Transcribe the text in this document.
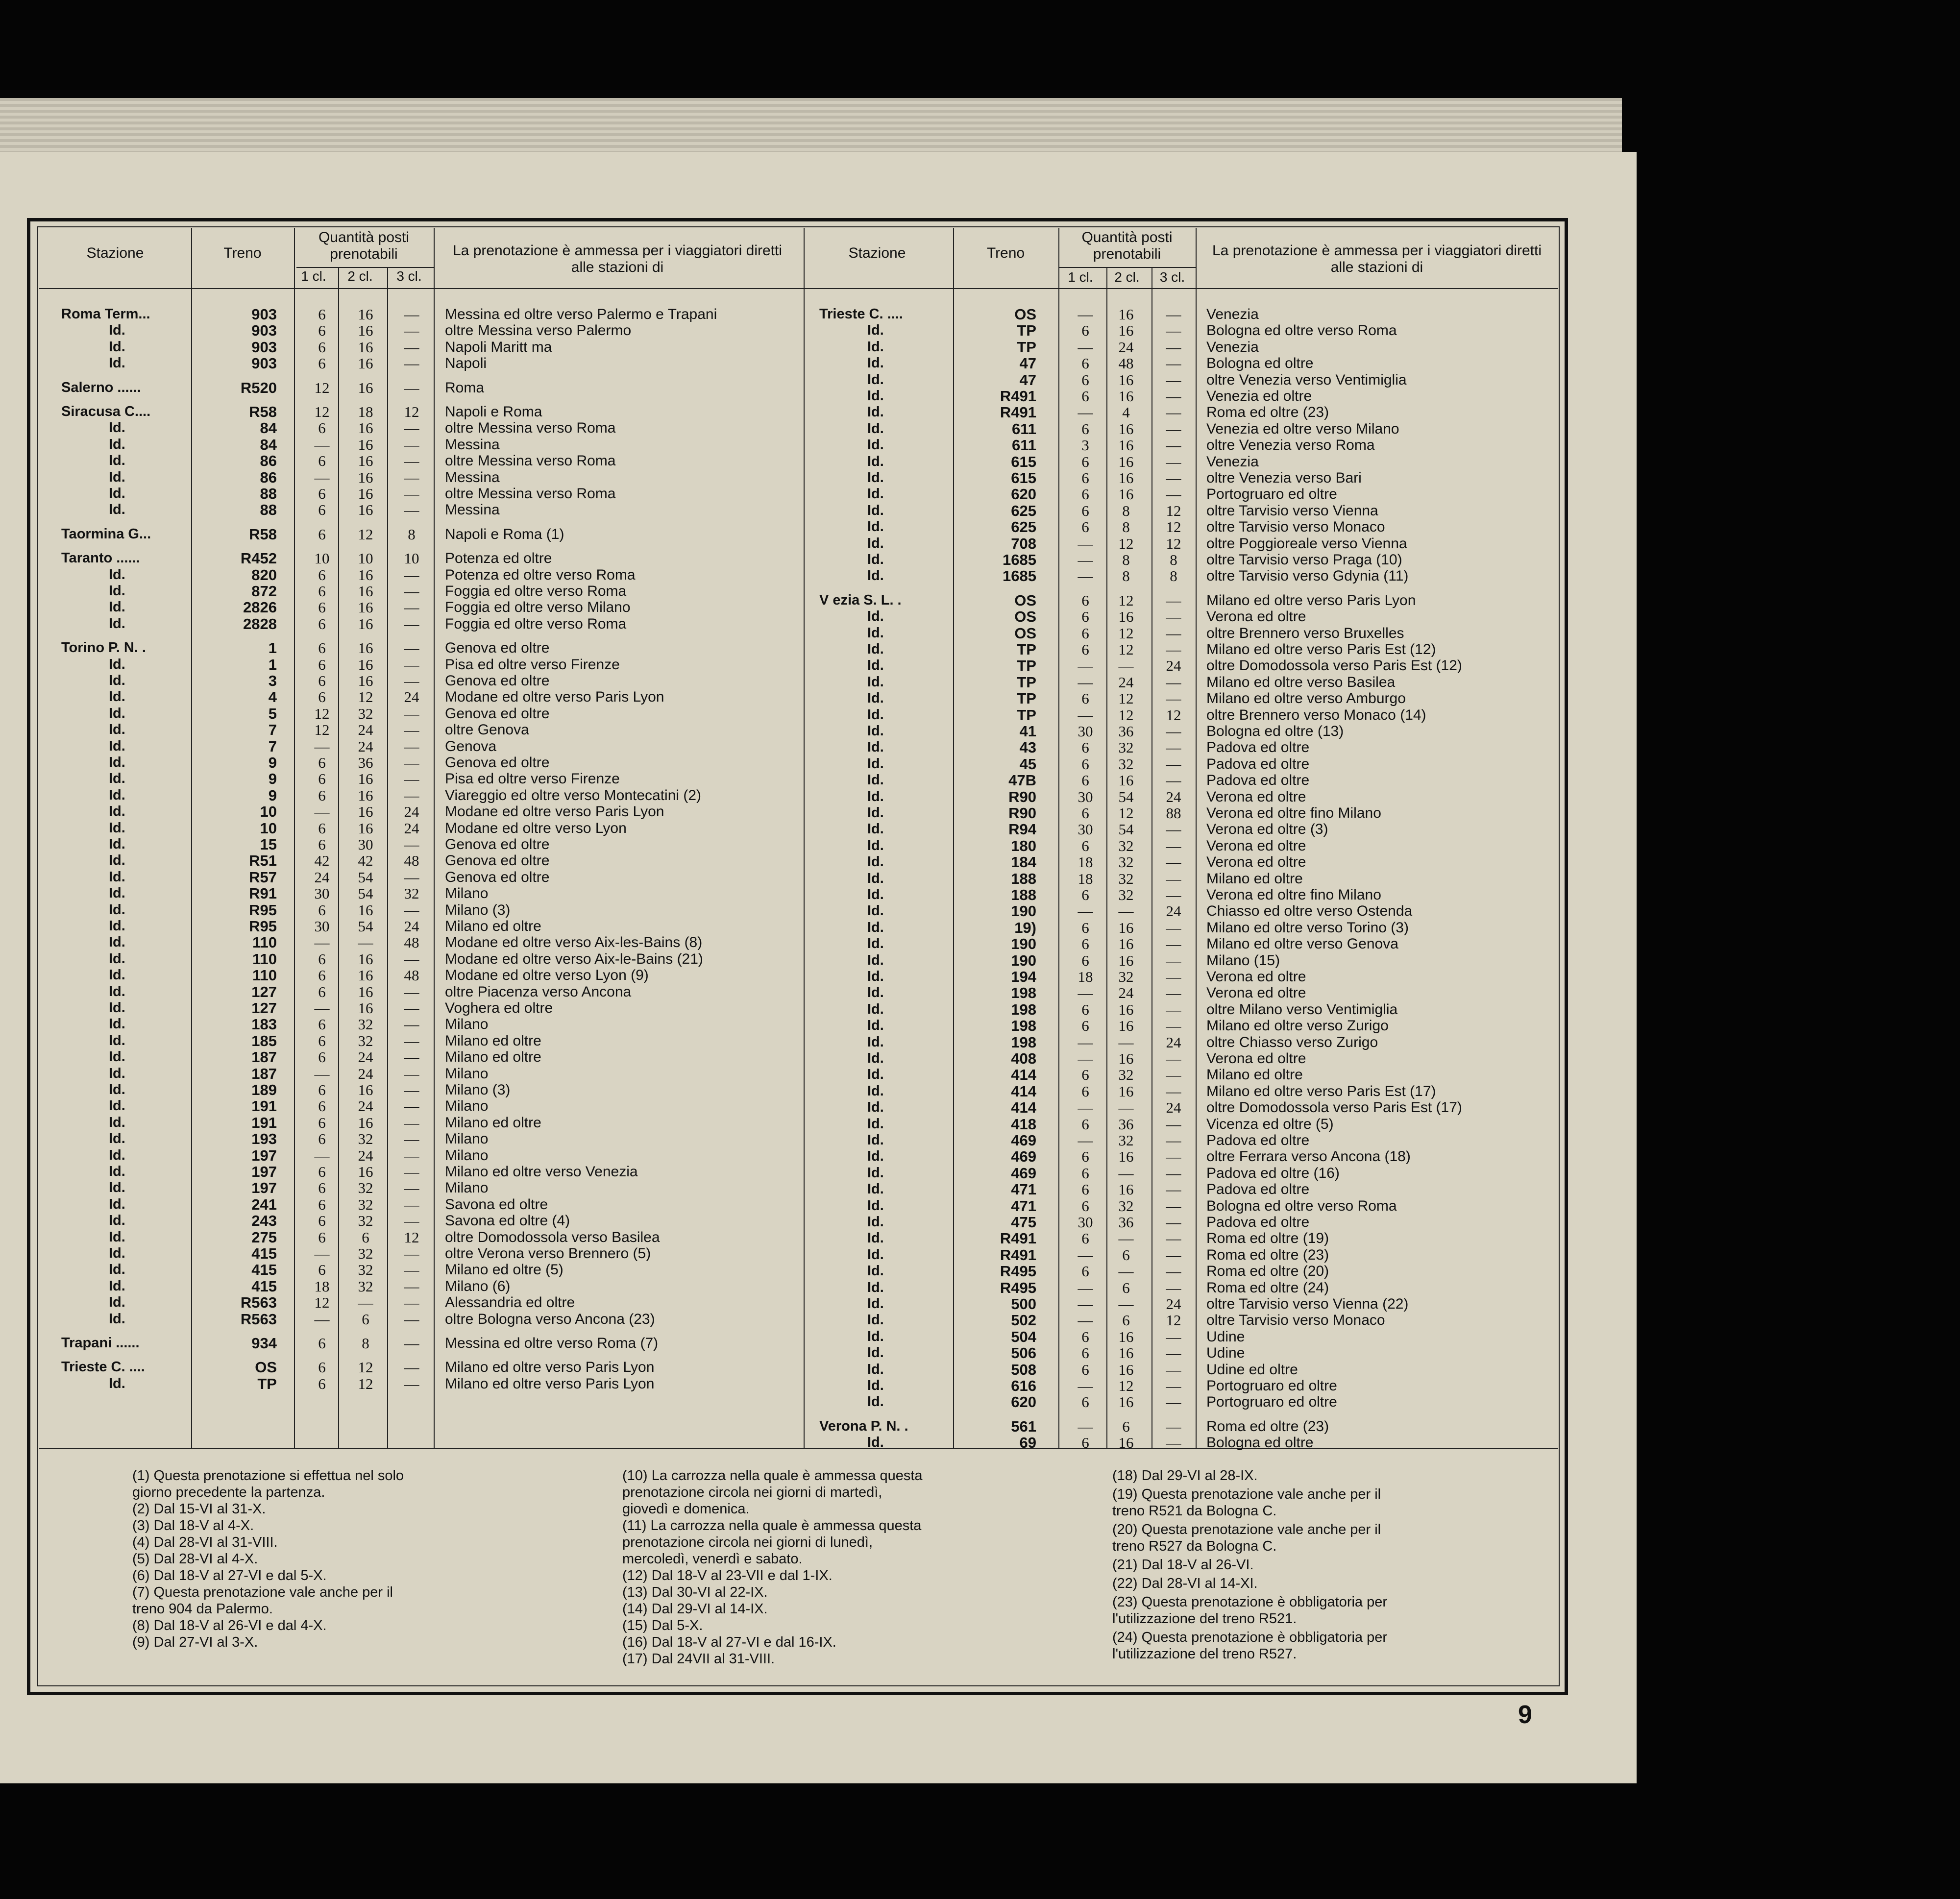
Stazione	Treno
Quantità posti prenotabili
1 cl.	2 cl.	3 cl.
La prenotazione è ammessa per i viaggiatori diretti alle stazioni di
Stazione	Treno
Quantità posti prenotabili
1 cl.	2 cl.	3 cl.
La prenotazione è ammessa per i viaggiatori diretti alle stazioni di
Roma Term...	903	6	16	—	Messina ed oltre verso Palermo e Trapani
Id.	903	6	16	—	oltre Messina verso Palermo
Id.	903	6	16	—	Napoli Maritt ma
Id.	903	6	16	—	Napoli
Salerno ......	R520	12	16	—	Roma
Siracusa C....	R58	12	18	12	Napoli e Roma
Id.	84	6	16	—	oltre Messina verso Roma
Id.	84	—	16	—	Messina
Id.	86	6	16	—	oltre Messina verso Roma
Id.	86	—	16	—	Messina
Id.	88	6	16	—	oltre Messina verso Roma
Id.	88	6	16	—	Messina
Taormina G...	R58	6	12	8	Napoli e Roma (1)
Taranto ......	R452	10	10	10	Potenza ed oltre
Id.	820	6	16	—	Potenza ed oltre verso Roma
Id.	872	6	16	—	Foggia ed oltre verso Roma
Id.	2826	6	16	—	Foggia ed oltre verso Milano
Id.	2828	6	16	—	Foggia ed oltre verso Roma
Torino P. N. .	1	6	16	—	Genova ed oltre
Id.	1	6	16	—	Pisa ed oltre verso Firenze
Id.	3	6	16	—	Genova ed oltre
Id.	4	6	12	24	Modane ed oltre verso Paris Lyon
Id.	5	12	32	—	Genova ed oltre
Id.	7	12	24	—	oltre Genova
Id.	7	—	24	—	Genova
Id.	9	6	36	—	Genova ed oltre
Id.	9	6	16	—	Pisa ed oltre verso Firenze
Id.	9	6	16	—	Viareggio ed oltre verso Montecatini (2)
Id.	10	—	16	24	Modane ed oltre verso Paris Lyon
Id.	10	6	16	24	Modane ed oltre verso Lyon
Id.	15	6	30	—	Genova ed oltre
Id.	R51	42	42	48	Genova ed oltre
Id.	R57	24	54	—	Genova ed oltre
Id.	R91	30	54	32	Milano
Id.	R95	6	16	—	Milano (3)
Id.	R95	30	54	24	Milano ed oltre
Id.	110	—	—	48	Modane ed oltre verso Aix-les-Bains (8)
Id.	110	6	16	—	Modane ed oltre verso Aix-le-Bains (21)
Id.	110	6	16	48	Modane ed oltre verso Lyon (9)
Id.	127	6	16	—	oltre Piacenza verso Ancona
Id.	127	—	16	—	Voghera ed oltre
Id.	183	6	32	—	Milano
Id.	185	6	32	—	Milano ed oltre
Id.	187	6	24	—	Milano ed oltre
Id.	187	—	24	—	Milano
Id.	189	6	16	—	Milano (3)
Id.	191	6	24	—	Milano
Id.	191	6	16	—	Milano ed oltre
Id.	193	6	32	—	Milano
Id.	197	—	24	—	Milano
Id.	197	6	16	—	Milano ed oltre verso Venezia
Id.	197	6	32	—	Milano
Id.	241	6	32	—	Savona ed oltre
Id.	243	6	32	—	Savona ed oltre (4)
Id.	275	6	6	12	oltre Domodossola verso Basilea
Id.	415	—	32	—	oltre Verona verso Brennero (5)
Id.	415	6	32	—	Milano ed oltre (5)
Id.	415	18	32	—	Milano (6)
Id.	R563	12	—	—	Alessandria ed oltre
Id.	R563	—	6	—	oltre Bologna verso Ancona (23)
Trapani ......	934	6	8	—	Messina ed oltre verso Roma (7)
Trieste C. ....	OS	6	12	—	Milano ed oltre verso Paris Lyon
Id.	TP	6	12	—	Milano ed oltre verso Paris Lyon
Trieste C. ....	OS	—	16	—	Venezia
Id.	TP	6	16	—	Bologna ed oltre verso Roma
Id.	TP	—	24	—	Venezia
Id.	47	6	48	—	Bologna ed oltre
Id.	47	6	16	—	oltre Venezia verso Ventimiglia
Id.	R491	6	16	—	Venezia ed oltre
Id.	R491	—	4	—	Roma ed oltre (23)
Id.	611	6	16	—	Venezia ed oltre verso Milano
Id.	611	3	16	—	oltre Venezia verso Roma
Id.	615	6	16	—	Venezia
Id.	615	6	16	—	oltre Venezia verso Bari
Id.	620	6	16	—	Portogruaro ed oltre
Id.	625	6	8	12	oltre Tarvisio verso Vienna
Id.	625	6	8	12	oltre Tarvisio verso Monaco
Id.	708	—	12	12	oltre Poggioreale verso Vienna
Id.	1685	—	8	8	oltre Tarvisio verso Praga (10)
Id.	1685	—	8	8	oltre Tarvisio verso Gdynia (11)
V ezia S. L. .	OS	6	12	—	Milano ed oltre verso Paris Lyon
Id.	OS	6	16	—	Verona ed oltre
Id.	OS	6	12	—	oltre Brennero verso Bruxelles
Id.	TP	6	12	—	Milano ed oltre verso Paris Est (12)
Id.	TP	—	—	24	oltre Domodossola verso Paris Est (12)
Id.	TP	—	24	—	Milano ed oltre verso Basilea
Id.	TP	6	12	—	Milano ed oltre verso Amburgo
Id.	TP	—	12	12	oltre Brennero verso Monaco (14)
Id.	41	30	36	—	Bologna ed oltre (13)
Id.	43	6	32	—	Padova ed oltre
Id.	45	6	32	—	Padova ed oltre
Id.	47B	6	16	—	Padova ed oltre
Id.	R90	30	54	24	Verona ed oltre
Id.	R90	6	12	88	Verona ed oltre fino Milano
Id.	R94	30	54	—	Verona ed oltre (3)
Id.	180	6	32	—	Verona ed oltre
Id.	184	18	32	—	Verona ed oltre
Id.	188	18	32	—	Milano ed oltre
Id.	188	6	32	—	Verona ed oltre fino Milano
Id.	190	—	—	24	Chiasso ed oltre verso Ostenda
Id.	19)	6	16	—	Milano ed oltre verso Torino (3)
Id.	190	6	16	—	Milano ed oltre verso Genova
Id.	190	6	16	—	Milano (15)
Id.	194	18	32	—	Verona ed oltre
Id.	198	—	24	—	Verona ed oltre
Id.	198	6	16	—	oltre Milano verso Ventimiglia
Id.	198	6	16	—	Milano ed oltre verso Zurigo
Id.	198	—	—	24	oltre Chiasso verso Zurigo
Id.	408	—	16	—	Verona ed oltre
Id.	414	6	32	—	Milano ed oltre
Id.	414	6	16	—	Milano ed oltre verso Paris Est (17)
Id.	414	—	—	24	oltre Domodossola verso Paris Est (17)
Id.	418	6	36	—	Vicenza ed oltre (5)
Id.	469	—	32	—	Padova ed oltre
Id.	469	6	16	—	oltre Ferrara verso Ancona (18)
Id.	469	6	—	—	Padova ed oltre (16)
Id.	471	6	16	—	Padova ed oltre
Id.	471	6	32	—	Bologna ed oltre verso Roma
Id.	475	30	36	—	Padova ed oltre
Id.	R491	6	—	—	Roma ed oltre (19)
Id.	R491	—	6	—	Roma ed oltre (23)
Id.	R495	6	—	—	Roma ed oltre (20)
Id.	R495	—	6	—	Roma ed oltre (24)
Id.	500	—	—	24	oltre Tarvisio verso Vienna (22)
Id.	502	—	6	12	oltre Tarvisio verso Monaco
Id.	504	6	16	—	Udine
Id.	506	6	16	—	Udine
Id.	508	6	16	—	Udine ed oltre
Id.	616	—	12	—	Portogruaro ed oltre
Id.	620	6	16	—	Portogruaro ed oltre
Verona P. N. .	561	—	6	—	Roma ed oltre (23)
Id.	69	6	16	—	Bologna ed oltre
(1) Questa prenotazione si effettua nel solo
giorno precedente la partenza.
(2) Dal 15-VI al 31-X.
(3) Dal 18-V al 4-X.
(4) Dal 28-VI al 31-VIII.
(5) Dal 28-VI al 4-X.
(6) Dal 18-V al 27-VI e dal 5-X.
(7) Questa prenotazione vale anche per il
treno 904 da Palermo.
(8) Dal 18-V al 26-VI e dal 4-X.
(9) Dal 27-VI al 3-X.
(10) La carrozza nella quale è ammessa questa
prenotazione circola nei giorni di martedì,
giovedì e domenica.
(11) La carrozza nella quale è ammessa questa
prenotazione circola nei giorni di lunedì,
mercoledì, venerdì e sabato.
(12) Dal 18-V al 23-VII e dal 1-IX.
(13) Dal 30-VI al 22-IX.
(14) Dal 29-VI al 14-IX.
(15) Dal 5-X.
(16) Dal 18-V al 27-VI e dal 16-IX.
(17) Dal 24VII al 31-VIII.
(18) Dal 29-VI al 28-IX.
(19) Questa prenotazione vale anche per il
treno R521 da Bologna C.
(20) Questa prenotazione vale anche per il
treno R527 da Bologna C.
(21) Dal 18-V al 26-VI.
(22) Dal 28-VI al 14-XI.
(23) Questa prenotazione è obbligatoria per
l'utilizzazione del treno R521.
(24) Questa prenotazione è obbligatoria per
l'utilizzazione del treno R527.
9
